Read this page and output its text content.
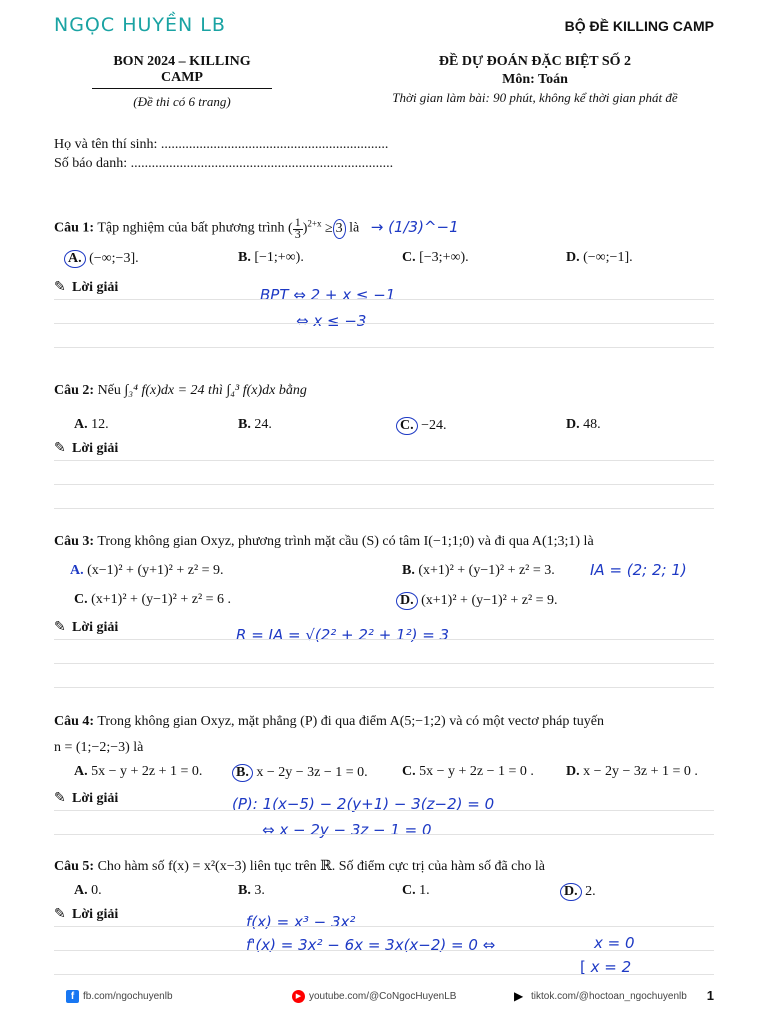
NGỌC HUYỀN LB	BỘ ĐỀ KILLING CAMP
BON 2024 – KILLING CAMP
(Đề thi có 6 trang)
ĐỀ DỰ ĐOÁN ĐẶC BIỆT SỐ 2
Môn: Toán
Thời gian làm bài: 90 phút, không kể thời gian phát đề
Họ và tên thí sinh: .................................................................
Số báo danh: ...........................................................................
Câu 1: Tập nghiệm của bất phương trình ( 1
3 )$^{2+x}$ ≥ 3 là → (1/3)^−1
A. (−∞;−3].	B. [−1;+∞).	C. [−3;+∞).	D. (−∞;−1].
✎ Lời giải	BPT ⇔ 2 + x ≤ −1
⇔ x ≤ −3
Câu 2: Nếu ∫₃⁴ f(x)dx = 24 thì ∫₄³ f(x)dx bằng
A. 12.	B. 24.	C. −24.	D. 48.
✎ Lời giải
Câu 3: Trong không gian Oxyz, phương trình mặt cầu (S) có tâm I(−1;1;0) và đi qua A(1;3;1) là
A. (x−1)² + (y+1)² + z² = 9.	B. (x+1)² + (y−1)² + z² = 3. IA = (2; 2; 1)
C. (x+1)² + (y−1)² + z² = 6 .	D. (x+1)² + (y−1)² + z² = 9.
✎ Lời giải	R = IA = √(2² + 2² + 1²) = 3
Câu 4: Trong không gian Oxyz, mặt phẳng (P) đi qua điểm A(5;−1;2) và có một vectơ pháp tuyến
n = (1;−2;−3) là
A. 5x − y + 2z + 1 = 0. B. x − 2y − 3z − 1 = 0. C. 5x − y + 2z − 1 = 0 . D. x − 2y − 3z + 1 = 0 .
✎ Lời giải	(P): 1(x−5) − 2(y+1) − 3(z−2) = 0
⇔ x − 2y − 3z − 1 = 0
Câu 5: Cho hàm số f(x) = x²(x−3) liên tục trên ℝ. Số điểm cực trị của hàm số đã cho là
A. 0.	B. 3.	C. 1.	D. 2.
✎ Lời giải	f(x) = x³ − 3x²
f'(x) = 3x² − 6x = 3x(x−2) = 0 ⇔	x = 0
[ x = 2
f fb.com/ngochuyenlb	▶ youtube.com/@CoNgocHuyenLB	▶ tiktok.com/@hoctoan_ngochuyenlb 1
